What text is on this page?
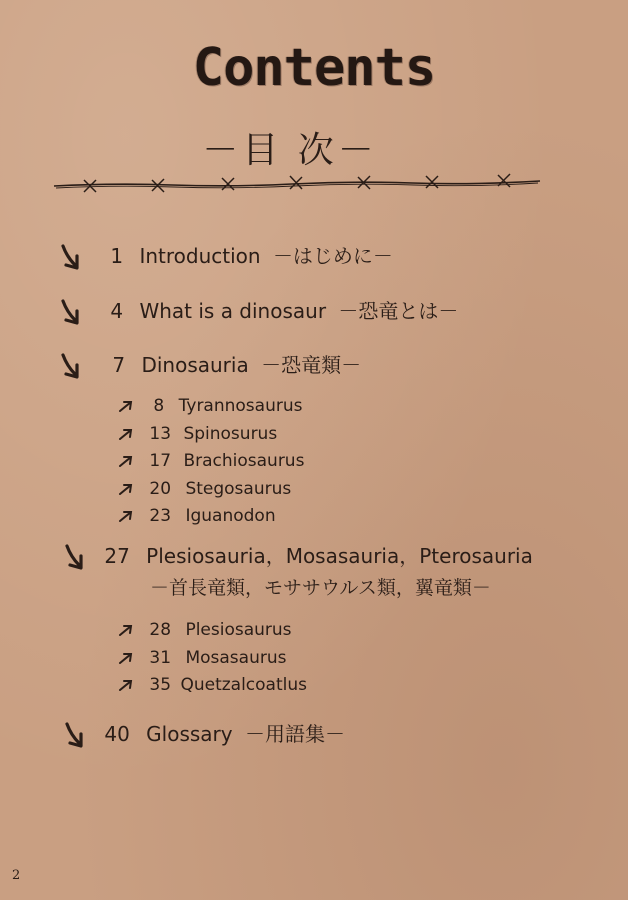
Contents
－目 次－
1 Introduction －はじめに－
4 What is a dinosaur －恐竜とは－
7 Dinosauria －恐竜類－
8 Tyrannosaurus
13 Spinosurus
17 Brachiosaurus
20 Stegosaurus
23 Iguanodon
27 Plesiosauria，Mosasauria，Pterosauria
－首長竜類，モササウルス類，翼竜類－
28 Plesiosaurus
31 Mosasaurus
35 Quetzalcoatlus
40 Glossary －用語集－
2
